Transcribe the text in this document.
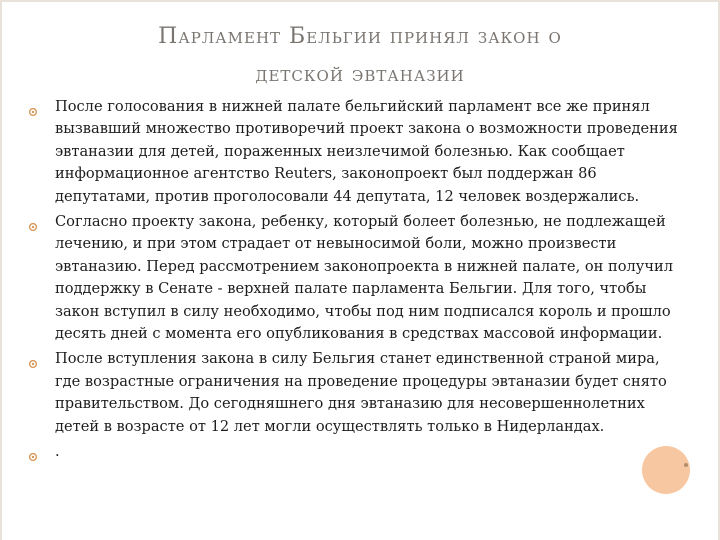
Парламент Бельгии принял закон о
детской эвтаназии
После голосования в нижней палате бельгийский парламент все же принял вызвавший множество противоречий проект закона о возможности проведения эвтаназии для детей, пораженных неизлечимой болезнью. Как сообщает информационное агентство Reuters, законопроект был поддержан 86 депутатами, против проголосовали 44 депутата, 12 человек воздержались.
Согласно проекту закона, ребенку, который болеет болезнью, не подлежащей лечению, и при этом страдает от невыносимой боли, можно произвести эвтаназию. Перед рассмотрением законопроекта в нижней палате, он получил поддержку в Сенате - верхней палате парламента Бельгии. Для того, чтобы закон вступил в силу необходимо, чтобы под ним подписался король и прошло десять дней с момента его опубликования в средствах массовой информации.
После вступления закона в силу Бельгия станет единственной страной мира, где возрастные ограничения на проведение процедуры эвтаназии будет снято правительством. До сегодняшнего дня эвтаназию для несовершеннолетних детей в возрасте от 12 лет могли осуществлять только в Нидерландах.
.
